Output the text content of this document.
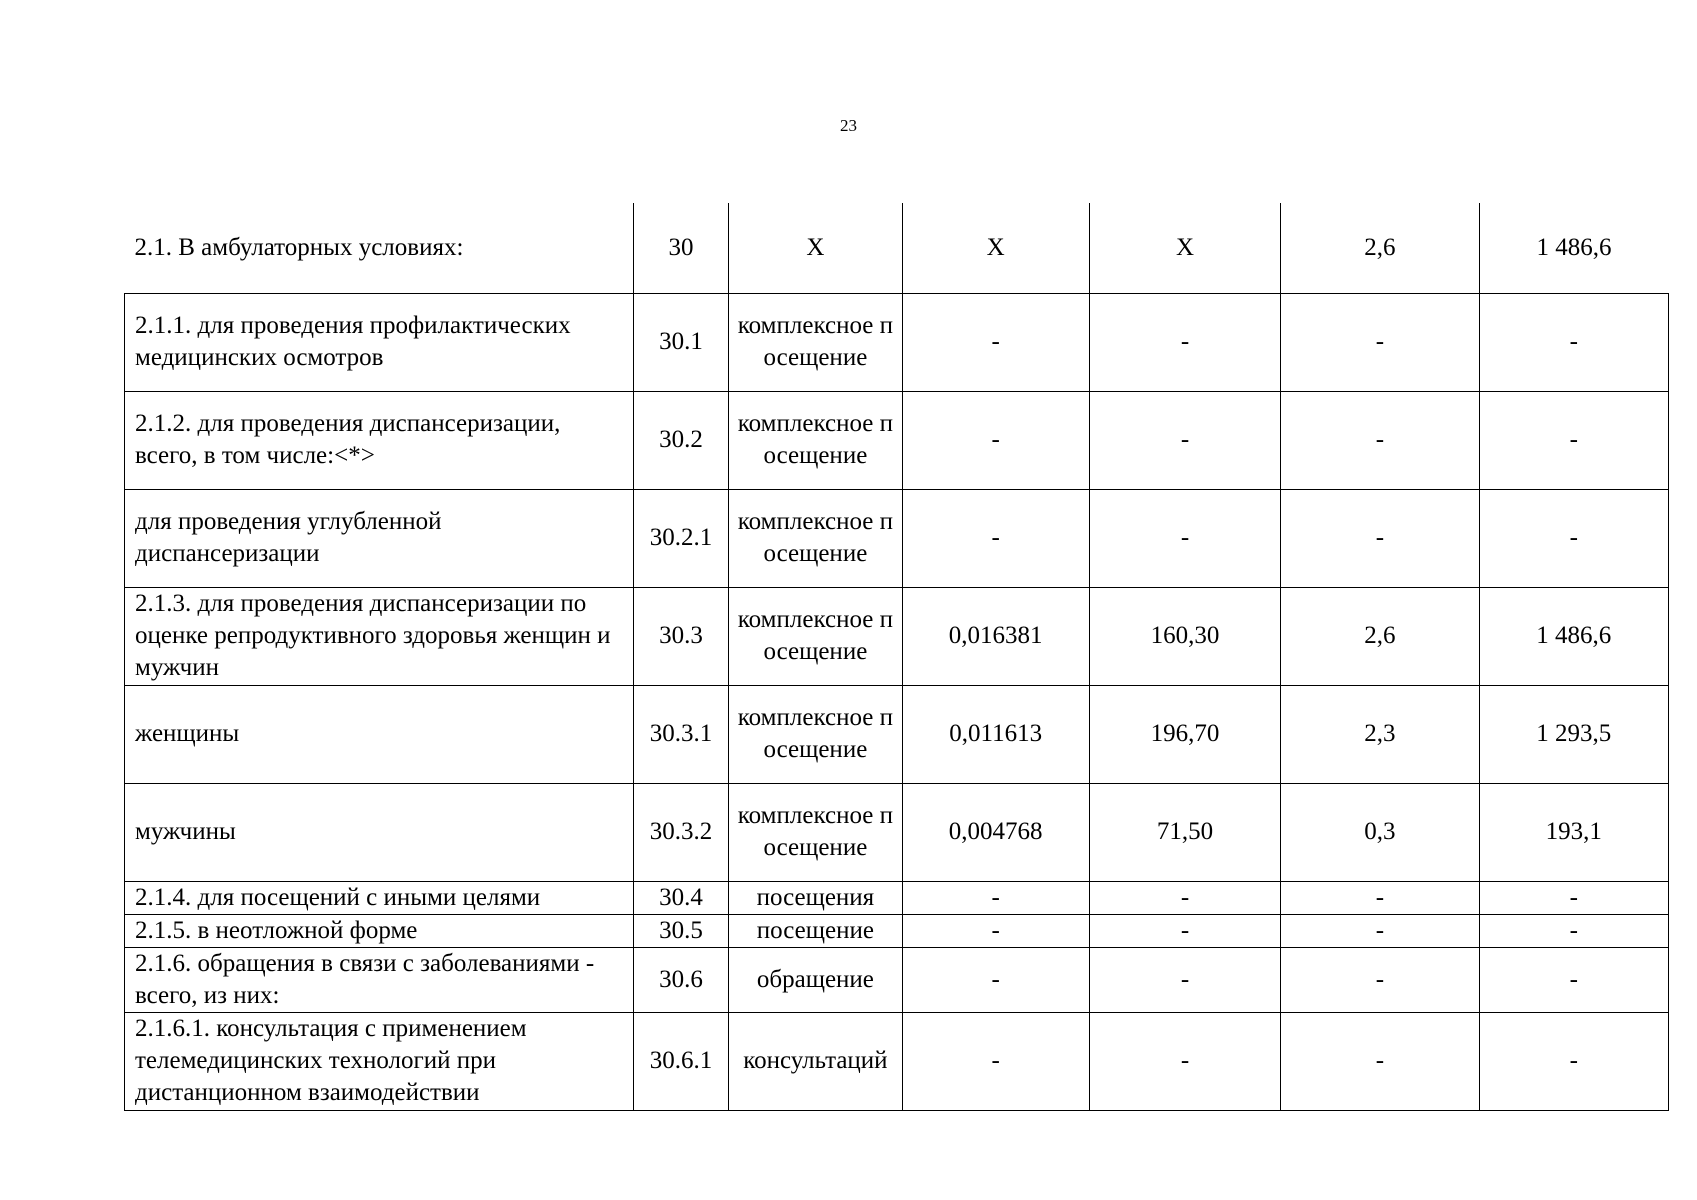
23
2.1. В амбулаторных условиях:	30	X	X	X	2,6	1 486,6
2.1.1. для проведения профилактических медицинских осмотров	30.1	комплексное посещение	-	-	-	-
2.1.2. для проведения диспансеризации, всего, в том числе:<*>	30.2	комплексное посещение	-	-	-	-
для проведения углубленной диспансеризации	30.2.1	комплексное посещение	-	-	-	-
2.1.3. для проведения диспансеризации по оценке репродуктивного здоровья женщин и мужчин	30.3	комплексное посещение	0,016381	160,30	2,6	1 486,6
женщины	30.3.1	комплексное посещение	0,011613	196,70	2,3	1 293,5
мужчины	30.3.2	комплексное посещение	0,004768	71,50	0,3	193,1
2.1.4. для посещений с иными целями	30.4	посещения	-	-	-	-
2.1.5. в неотложной форме	30.5	посещение	-	-	-	-
2.1.6. обращения в связи с заболеваниями - всего, из них:	30.6	обращение	-	-	-	-
2.1.6.1. консультация с применением телемедицинских технологий при дистанционном взаимодействии	30.6.1	консультаций	-	-	-	-
